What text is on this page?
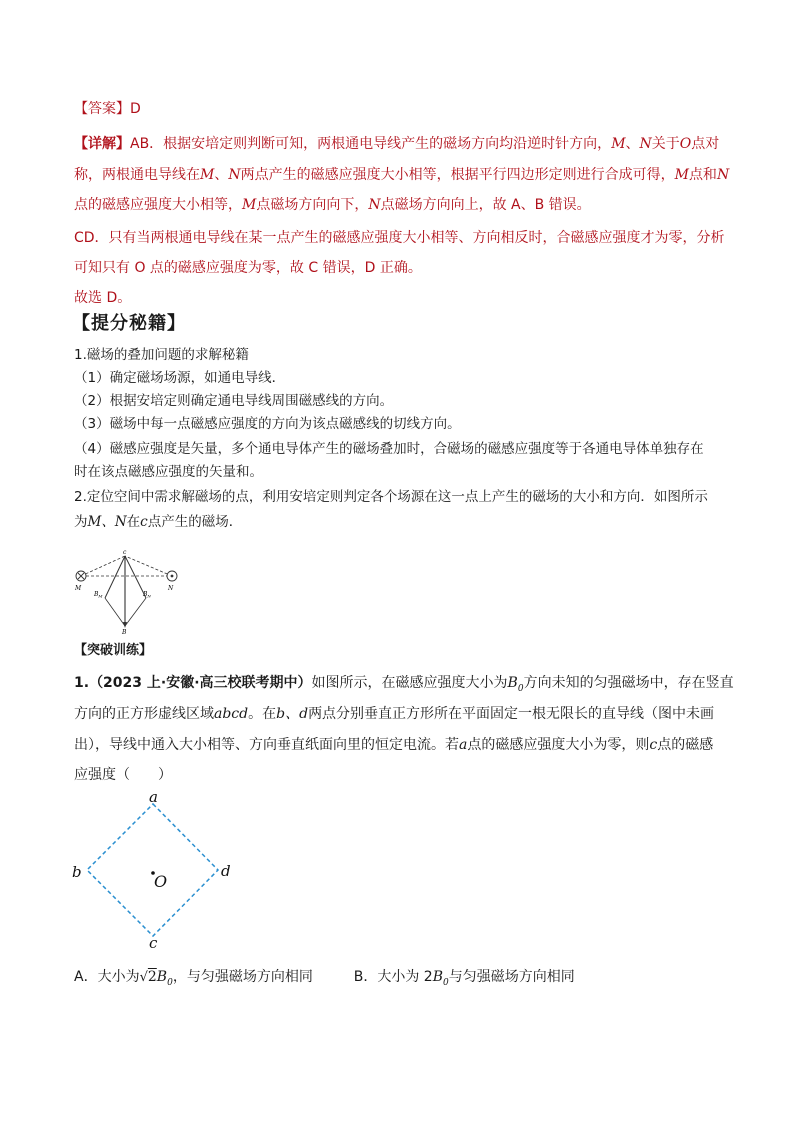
【答案】D
【详解】AB．根据安培定则判断可知，两根通电导线产生的磁场方向均沿逆时针方向，M、N关于O点对
称，两根通电导线在M、N两点产生的磁感应强度大小相等，根据平行四边形定则进行合成可得，M点和N
点的磁感应强度大小相等，M点磁场方向向下，N点磁场方向向上，故 A、B 错误。
CD．只有当两根通电导线在某一点产生的磁感应强度大小相等、方向相反时，合磁感应强度才为零，分析
可知只有 O 点的磁感应强度为零，故 C 错误，D 正确。
故选 D。
【提分秘籍】
1.磁场的叠加问题的求解秘籍
（1）确定磁场场源，如通电导线．
（2）根据安培定则确定通电导线周围磁感线的方向。
（3）磁场中每一点磁感应强度的方向为该点磁感线的切线方向。
（4）磁感应强度是矢量，多个通电导体产生的磁场叠加时，合磁场的磁感应强度等于各通电导体单独存在
时在该点磁感应强度的矢量和。
2.定位空间中需求解磁场的点，利用安培定则判定各个场源在这一点上产生的磁场的大小和方向．如图所示
为M、N在c点产生的磁场．
c
M	N
$B_M$	$B_N$
B
【突破训练】
1.（2023 上·安徽·高三校联考期中）如图所示，在磁感应强度大小为$B_0$方向未知的匀强磁场中，存在竖直
方向的正方形虚线区域abcd。在b、d两点分别垂直正方形所在平面固定一根无限长的直导线（图中未画
出），导线中通入大小相等、方向垂直纸面向里的恒定电流。若a点的磁感应强度大小为零，则c点的磁感
应强度（　　）
a
b
c
d
O
A．大小为$√2B_0$，与匀强磁场方向相同	B．大小为 $2B_0$与匀强磁场方向相同
